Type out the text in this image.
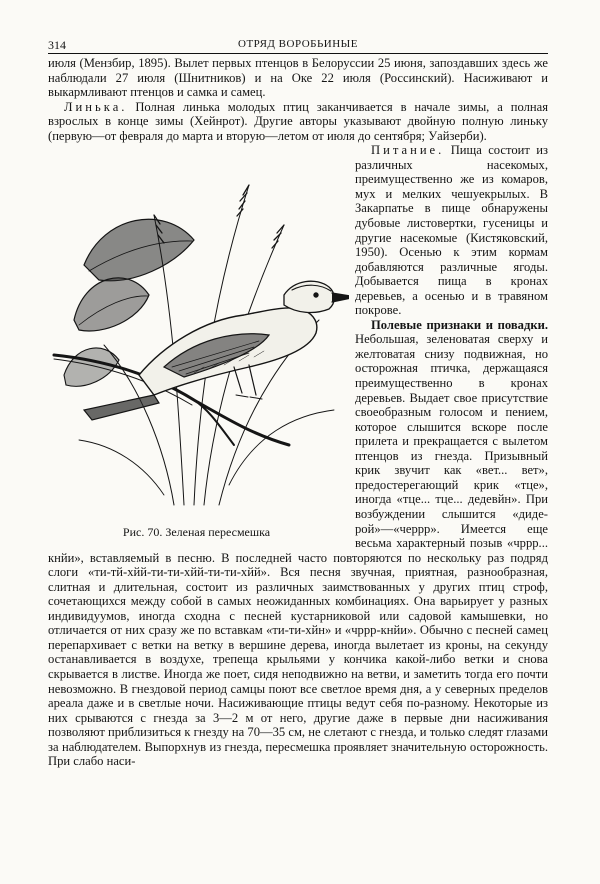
314	ОТРЯД ВОРОБЬИНЫЕ

июля (Мензбир, 1895). Вылет первых птенцов в Белоруссии 25 июня, запоздавших здесь же наблюдали 27 июля (Шнитников) и на Оке 22 июля (Россинский). Насиживают и выкармливают птенцов и самка и самец.

Линька. Полная линька молодых птиц заканчивается в начале зимы, а полная взрослых в конце зимы (Хейнрот). Другие авторы указывают двойную полную линьку (первую—от февраля до марта и вторую—летом от июля до сентября; Уайзерби).

Рис. 70. Зеленая пересмешка

Питание. Пища состоит из различных насекомых, преимущественно же из комаров, мух и мелких чешуекрылых. В Закарпатье в пище обнаружены дубовые листовертки, гусеницы и другие насекомые (Кистяковский, 1950). Осенью к этим кормам добавляются различные ягоды. Добывается пища в кронах деревьев, а осенью и в травяном покрове.

Полевые признаки и повадки. Небольшая, зеленоватая сверху и желтоватая снизу подвижная, но осторожная птичка, держащаяся преимущественно в кронах деревьев. Выдает свое присутствие своеобразным голосом и пением, которое слышится вскоре после прилета и прекращается с вылетом птенцов из гнезда. Призывный крик звучит как «вет... вет», предостерегающий крик «тце», иногда «тце... тце... дедевйн». При возбуждении слышится «диде-рой»—«черрр». Имеется еще весьма характерный позыв «чррр... кнйи», вставляемый в песню. В последней часто повторяются по нескольку раз подряд слоги «ти-тй-хйй-ти-ти-хйй-ти-ти-хйй». Вся песня звучная, приятная, разнообразная, слитная и длительная, состоит из различных заимствованных у других птиц строф, сочетающихся между собой в самых неожиданных комбинациях. Она варьирует у разных индивидуумов, иногда сходна с песней кустарниковой или садовой камышевки, но отличается от них сразу же по вставкам «ти-ти-хйн» и «чррр-кнйи». Обычно с песней самец перепархивает с ветки на ветку в вершине дерева, иногда вылетает из кроны, на секунду останавливается в воздухе, трепеща крыльями у кончика какой-либо ветки и снова скрывается в листве. Иногда же поет, сидя неподвижно на ветви, и заметить тогда его почти невозможно. В гнездовой период самцы поют все светлое время дня, а у северных пределов ареала даже и в светлые ночи. Насиживающие птицы ведут себя по-разному. Некоторые из них срываются с гнезда за 3—2 м от него, другие даже в первые дни насиживания позволяют приблизиться к гнезду на 70—35 см, не слетают с гнезда, и только следят глазами за наблюдателем. Выпорхнув из гнезда, пересмешка проявляет значительную осторожность. При слабо наси-
